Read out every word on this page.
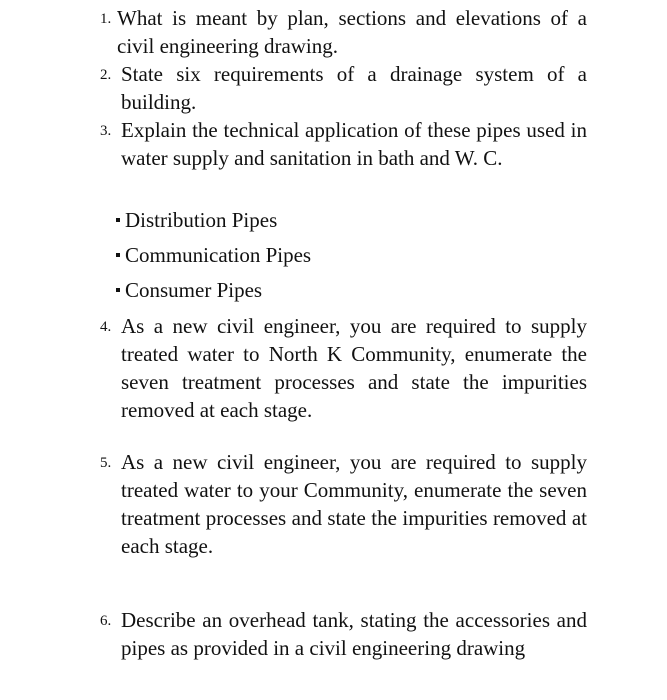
1. What is meant by plan, sections and elevations of a civil engineering drawing.

2. State six requirements of a drainage system of a building.

3. Explain the technical application of these pipes used in water supply and sanitation in bath and W. C.

Distribution Pipes
Communication Pipes
Consumer Pipes
4. As a new civil engineer, you are required to supply treated water to North K Community, enumerate the seven treatment processes and state the impurities removed at each stage.

5. As a new civil engineer, you are required to supply treated water to your Community, enumerate the seven treatment processes and state the impurities removed at each stage.

6. Describe an overhead tank, stating the accessories and pipes as provided in a civil engineering drawing
